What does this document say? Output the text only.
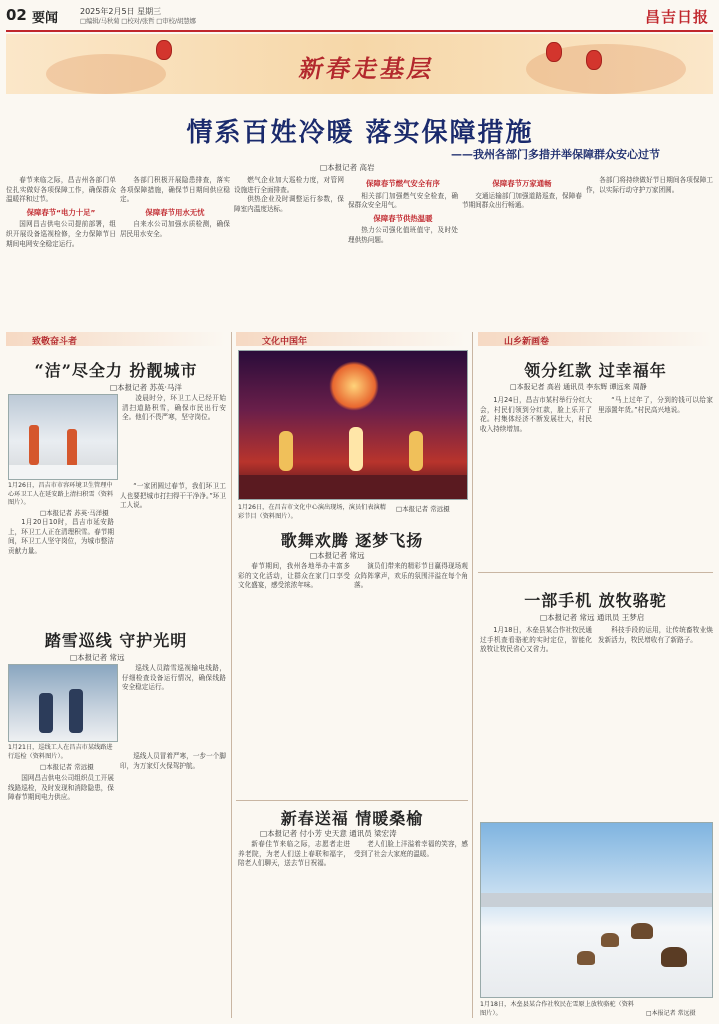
02 要闻	2025年2月5日 星期三
□编辑/马秋菊 □校对/张哲 □审校/胡慧娜	昌吉日报
新春走基层
情系百姓冷暖 落实保障措施
——我州各部门多措并举保障群众安心过节
□本报记者 高岩

春节来临之际，昌吉州各部门单位扎实做好各项保障工作，确保群众温暖祥和过节。

保障春节“电力十足”

国网昌吉供电公司提前部署，组织开展设备巡视检修，全力保障节日期间电网安全稳定运行。

各部门积极开展隐患排查，落实各项保障措施，确保节日期间供应稳定。

保障春节用水无忧

自来水公司加强水质检测，确保居民用水安全。

燃气企业加大巡检力度，对管网设施进行全面排查。

供热企业及时调整运行参数，保障室内温度达标。

保障春节燃气安全有序

相关部门加强燃气安全检查，确保群众安全用气。

保障春节供热温暖

热力公司强化值班值守，及时处理供热问题。

保障春节万家通畅

交通运输部门加强道路巡查，保障春节期间群众出行畅通。

各部门将持续做好节日期间各项保障工作，以实际行动守护万家团圆。

致敬奋斗者	文化中国年	山乡新画卷
“洁”尽全力 扮靓城市
□本报记者 苏英·马洋

凌晨时分，环卫工人已经开始清扫道路积雪，确保市民出行安全。他们不畏严寒，坚守岗位。

1月26日，昌吉市市容环境卫生管理中心环卫工人在延安路上清扫积雪（资料图片）。
□本报记者 苏英·马洋摄

1月20日10时，昌吉市延安路上，环卫工人正在清理积雪。春节期间，环卫工人坚守岗位，为城市整洁贡献力量。

“一家团圆过春节，我们环卫工人也要把城市打扫得干干净净。”环卫工人说。

踏雪巡线 守护光明
□本报记者 常远

巡线人员踏雪巡视输电线路，仔细检查设备运行情况，确保线路安全稳定运行。

1月21日，巡线工人在昌吉市某线路进行巡检（资料图片）。
□本报记者 常远摄

国网昌吉供电公司组织员工开展线路巡检，及时发现和消除隐患，保障春节期间电力供应。

巡线人员冒着严寒，一步一个脚印，为万家灯火保驾护航。

1月26日，在昌吉市文化中心演出现场，演员们表演精彩节目（资料图片）。
□本报记者 常远摄
歌舞欢腾 逐梦飞扬
□本报记者 常远

春节期间，我州各地举办丰富多彩的文化活动，让群众在家门口享受文化盛宴，感受浓浓年味。

演员们带来的精彩节目赢得现场观众阵阵掌声，欢乐的氛围洋溢在每个角落。

新春送福 情暖桑榆
□本报记者 付小芳 史天意 通讯员 梁宏涛

新春佳节来临之际，志愿者走进养老院，为老人们送上春联和福字，陪老人们聊天，送去节日祝福。

老人们脸上洋溢着幸福的笑容，感受到了社会大家庭的温暖。

领分红款 过幸福年
□本报记者 高岩 通讯员 李东辉 谭远来 周静

1月24日，昌吉市某村举行分红大会，村民们领到分红款，脸上乐开了花。村集体经济不断发展壮大，村民收入持续增加。

“马上过年了，分到的钱可以给家里添置年货。”村民高兴地说。

一部手机 放牧骆驼
□本报记者 常远 通讯员 王梦启

1月18日，木垒县某合作社牧民通过手机查看骆驼的实时定位，智能化放牧让牧民省心又省力。

科技手段的运用，让传统畜牧业焕发新活力，牧民增收有了新路子。

1月18日，木垒县某合作社牧民在雪原上放牧骆驼（资料图片）。	□本报记者 常远摄
